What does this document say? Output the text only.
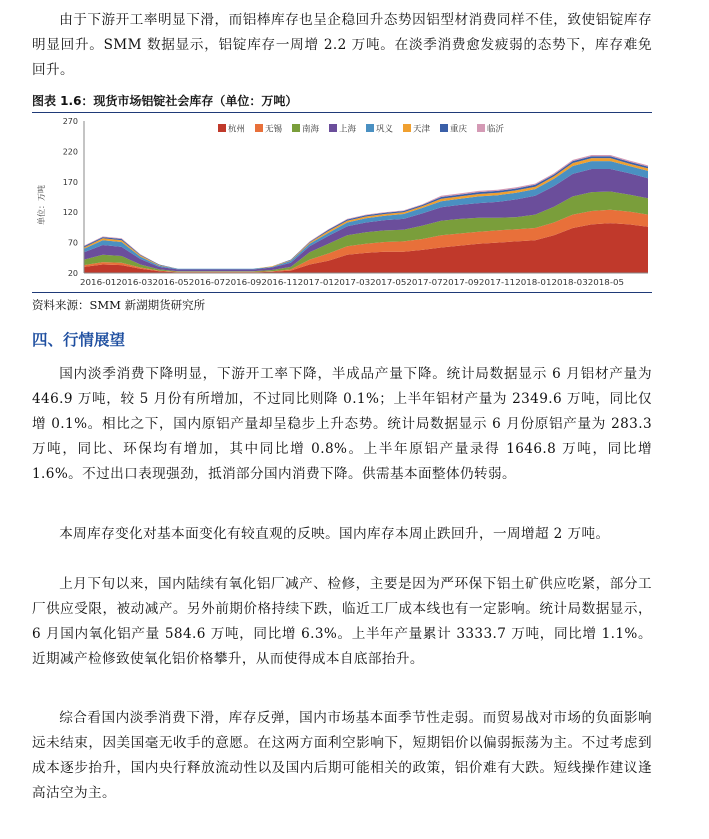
由于下游开工率明显下滑，而铝棒库存也呈企稳回升态势因铝型材消费同样不佳，致使铝锭库存明显回升。SMM 数据显示，铝锭库存一周增 2.2 万吨。在淡季消费愈发疲弱的态势下，库存难免回升。

图表 1.6：现货市场铝锭社会库存（单位：万吨）
20
70
120
170
220
270
2016-012016-032016-052016-072016-092016-112017-012017-032017-052017-072017-092017-112018-012018-032018-05
单位：万吨
杭州 无锡 南海 上海 巩义 天津 重庆 临沂
资料来源：SMM 新湖期货研究所
四、行情展望

国内淡季消费下降明显，下游开工率下降，半成品产量下降。统计局数据显示 6 月铝材产量为 446.9 万吨，较 5 月份有所增加，不过同比则降 0.1%；上半年铝材产量为 2349.6 万吨，同比仅增 0.1%。相比之下，国内原铝产量却呈稳步上升态势。统计局数据显示 6 月份原铝产量为 283.3 万吨，同比、环保均有增加，其中同比增 0.8%。上半年原铝产量录得 1646.8 万吨，同比增 1.6%。不过出口表现强劲，抵消部分国内消费下降。供需基本面整体仍转弱。

本周库存变化对基本面变化有较直观的反映。国内库存本周止跌回升，一周增超 2 万吨。

上月下旬以来，国内陆续有氧化铝厂减产、检修，主要是因为严环保下铝土矿供应吃紧，部分工厂供应受限，被动减产。另外前期价格持续下跌，临近工厂成本线也有一定影响。统计局数据显示，6 月国内氧化铝产量 584.6 万吨，同比增 6.3%。上半年产量累计 3333.7 万吨，同比增 1.1%。近期减产检修致使氧化铝价格攀升，从而使得成本自底部抬升。

综合看国内淡季消费下滑，库存反弹，国内市场基本面季节性走弱。而贸易战对市场的负面影响远未结束，因美国毫无收手的意愿。在这两方面利空影响下，短期铝价以偏弱振荡为主。不过考虑到成本逐步抬升，国内央行释放流动性以及国内后期可能相关的政策，铝价难有大跌。短线操作建议逢高沽空为主。
